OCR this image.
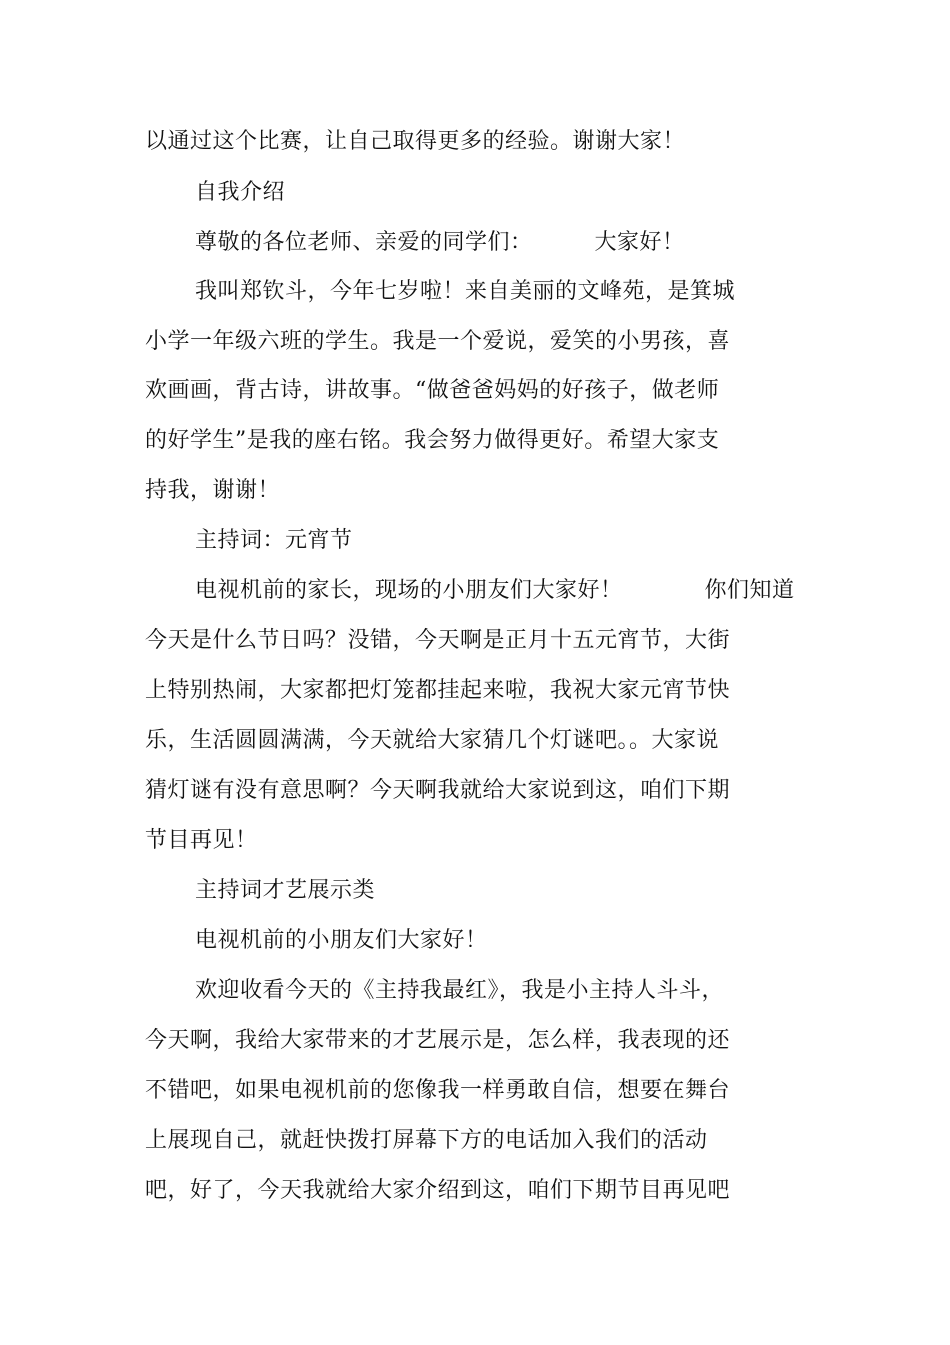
以通过这个比赛，让自己取得更多的经验。谢谢大家！
自我介绍
尊敬的各位老师、亲爱的同学们：	大家好！
我叫郑钦斗，今年七岁啦！来自美丽的文峰苑，是箕城
小学一年级六班的学生。我是一个爱说，爱笑的小男孩，喜
欢画画，背古诗，讲故事。“做爸爸妈妈的好孩子，做老师
的好学生”是我的座右铭。我会努力做得更好。希望大家支
持我，谢谢！
主持词：元宵节
电视机前的家长，现场的小朋友们大家好！	你们知道
今天是什么节日吗？没错，今天啊是正月十五元宵节，大街
上特别热闹，大家都把灯笼都挂起来啦，我祝大家元宵节快
乐，生活圆圆满满，今天就给大家猜几个灯谜吧。。大家说
猜灯谜有没有意思啊？今天啊我就给大家说到这，咱们下期
节目再见！
主持词才艺展示类
电视机前的小朋友们大家好！
欢迎收看今天的《主持我最红》，我是小主持人斗斗，
今天啊，我给大家带来的才艺展示是，怎么样，我表现的还
不错吧，如果电视机前的您像我一样勇敢自信，想要在舞台
上展现自己，就赶快拨打屏幕下方的电话加入我们的活动
吧，好了，今天我就给大家介绍到这，咱们下期节目再见吧
